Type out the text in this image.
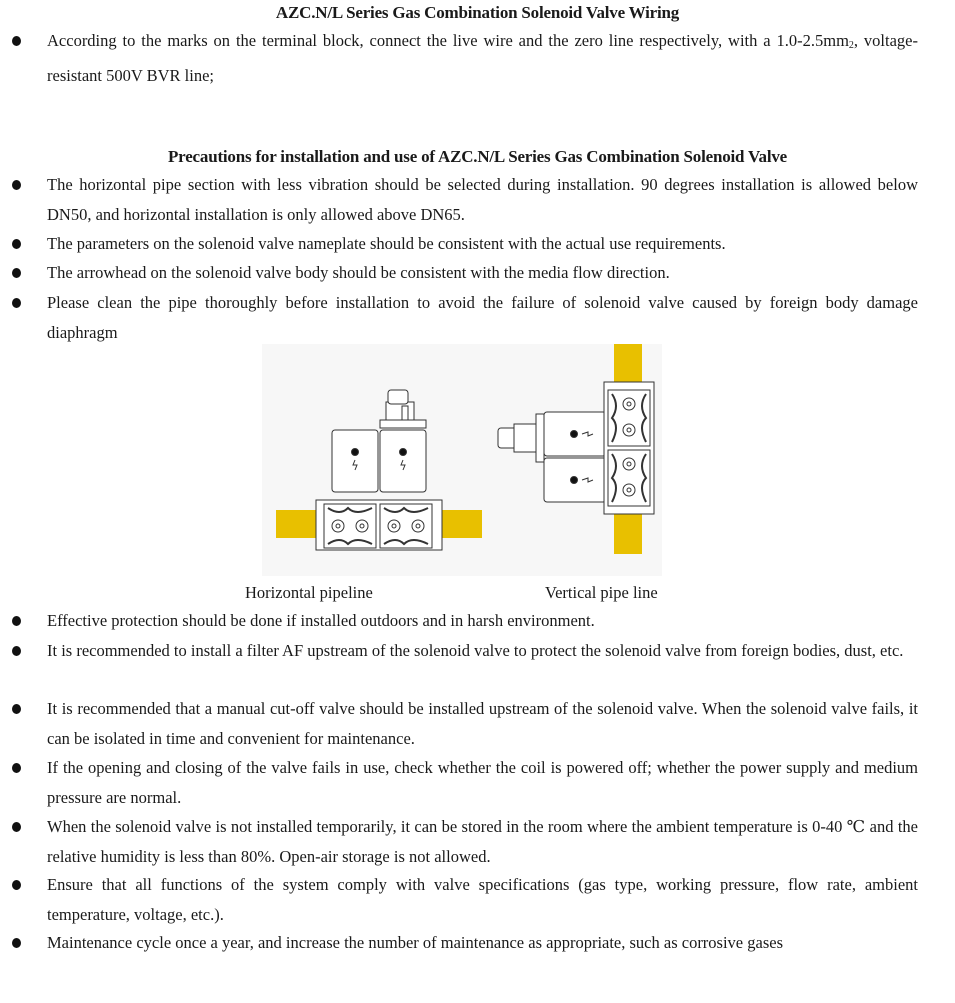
AZC.N/L Series Gas Combination Solenoid Valve Wiring
According to the marks on the terminal block, connect the live wire and the zero line respectively, with a $1.0-2.5mm_2$, voltage-resistant 500V BVR line;
Precautions for installation and use of AZC.N/L Series Gas Combination Solenoid Valve
The horizontal pipe section with less vibration should be selected during installation. 90 degrees installation is allowed below DN50, and horizontal installation is only allowed above DN65.
The parameters on the solenoid valve nameplate should be consistent with the actual use requirements.
The arrowhead on the solenoid valve body should be consistent with the media flow direction.
Please clean the pipe thoroughly before installation to avoid the failure of solenoid valve caused by foreign body damage diaphragm
Horizontal pipeline	Vertical pipe line
Effective protection should be done if installed outdoors and in harsh environment.
It is recommended to install a filter AF upstream of the solenoid valve to protect the solenoid valve from foreign bodies, dust, etc.
It is recommended that a manual cut-off valve should be installed upstream of the solenoid valve. When the solenoid valve fails, it can be isolated in time and convenient for maintenance.
If the opening and closing of the valve fails in use, check whether the coil is powered off; whether the power supply and medium pressure are normal.
When the solenoid valve is not installed temporarily, it can be stored in the room where the ambient temperature is 0-40 ℃ and the relative humidity is less than 80%. Open-air storage is not allowed.
Ensure that all functions of the system comply with valve specifications (gas type, working pressure, flow rate, ambient temperature, voltage, etc.).
Maintenance cycle once a year, and increase the number of maintenance as appropriate, such as corrosive gases
